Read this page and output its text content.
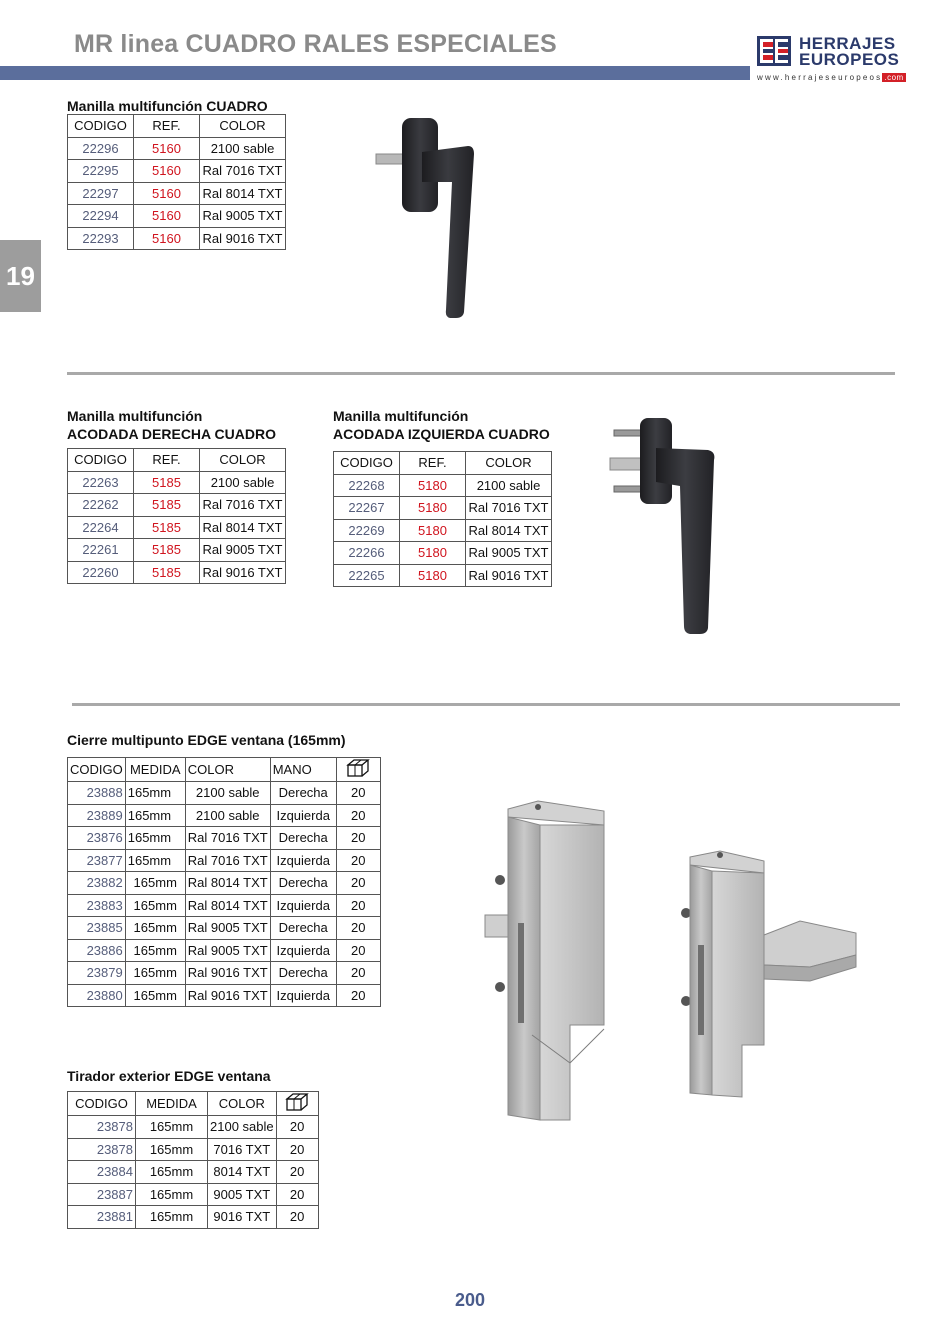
MR linea CUADRO RALES ESPECIALES	HERRAJES
EUROPEOS
www.herrajeseuropeos .com
19
Manilla multifunción CUADRO
CODIGO	REF.	COLOR
22296	5160	2100 sable
22295	5160	Ral 7016 TXT
22297	5160	Ral 8014 TXT
22294	5160	Ral 9005 TXT
22293	5160	Ral 9016 TXT
Manilla multifunción
ACODADA DERECHA CUADRO
CODIGO	REF.	COLOR
22263	5185	2100 sable
22262	5185	Ral 7016 TXT
22264	5185	Ral 8014 TXT
22261	5185	Ral 9005 TXT
22260	5185	Ral 9016 TXT
Manilla multifunción
ACODADA IZQUIERDA CUADRO
CODIGO	REF.	COLOR
22268	5180	2100 sable
22267	5180	Ral 7016 TXT
22269	5180	Ral 8014 TXT
22266	5180	Ral 9005 TXT
22265	5180	Ral 9016 TXT
Cierre multipunto EDGE ventana (165mm)
CODIGO	MEDIDA	COLOR	MANO	
23888	165mm	2100 sable	Derecha	20
23889	165mm	2100 sable	Izquierda	20
23876	165mm	Ral 7016 TXT	Derecha	20
23877	165mm	Ral 7016 TXT	Izquierda	20
23882	165mm	Ral 8014 TXT	Derecha	20
23883	165mm	Ral 8014 TXT	Izquierda	20
23885	165mm	Ral 9005 TXT	Derecha	20
23886	165mm	Ral 9005 TXT	Izquierda	20
23879	165mm	Ral 9016 TXT	Derecha	20
23880	165mm	Ral 9016 TXT	Izquierda	20
Tirador exterior EDGE ventana
CODIGO	MEDIDA	COLOR	
23878	165mm	2100 sable	20
23878	165mm	7016 TXT	20
23884	165mm	8014 TXT	20
23887	165mm	9005 TXT	20
23881	165mm	9016 TXT	20
200
